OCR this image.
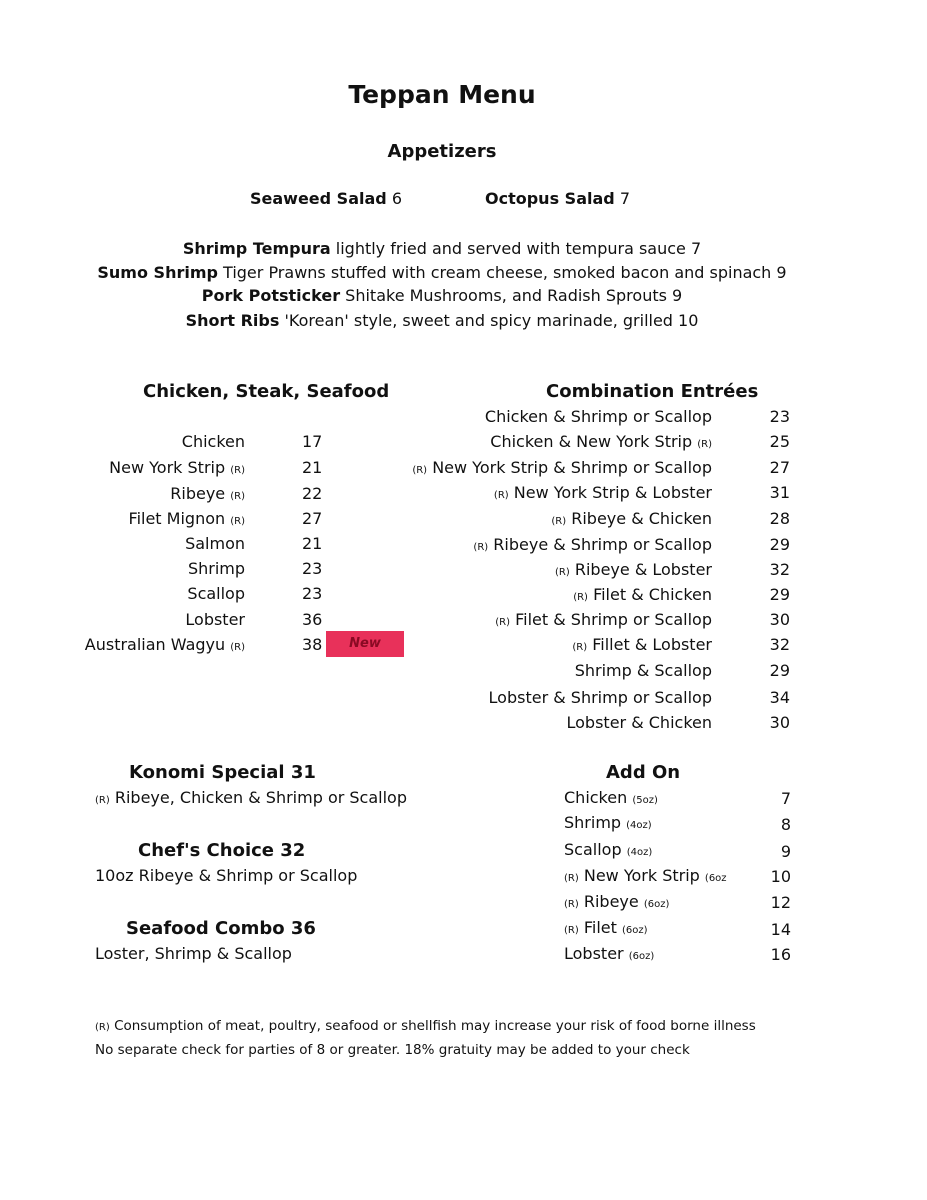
Teppan Menu
Appetizers
Seaweed Salad 6	Octopus Salad 7
Shrimp Tempura lightly fried and served with tempura sauce 7
Sumo Shrimp Tiger Prawns stuffed with cream cheese, smoked bacon and spinach 9
Pork Potsticker Shitake Mushrooms, and Radish Sprouts 9
Short Ribs 'Korean' style, sweet and spicy marinade, grilled 10
Chicken, Steak, Seafood
Chicken	17
New York Strip (R)	21
Ribeye (R)	22
Filet Mignon (R)	27
Salmon	21
Shrimp	23
Scallop	23
Lobster	36
Australian Wagyu (R)	38	New
Combination Entrées
Chicken & Shrimp or Scallop	23
Chicken & New York Strip (R)	25
(R) New York Strip & Shrimp or Scallop	27
(R) New York Strip & Lobster	31
(R) Ribeye & Chicken	28
(R) Ribeye & Shrimp or Scallop	29
(R) Ribeye & Lobster	32
(R) Filet & Chicken	29
(R) Filet & Shrimp or Scallop	30
(R) Fillet & Lobster	32
Shrimp & Scallop	29
Lobster & Shrimp or Scallop	34
Lobster & Chicken	30
Konomi Special 31
(R) Ribeye, Chicken & Shrimp or Scallop
Chef's Choice 32
10oz Ribeye & Shrimp or Scallop
Seafood Combo 36
Loster, Shrimp & Scallop
Add On
Chicken (5oz)	7
Shrimp (4oz)	8
Scallop (4oz)	9
(R) New York Strip (6oz	10
(R) Ribeye (6oz)	12
(R) Filet (6oz)	14
Lobster (6oz)	16
(R) Consumption of meat, poultry, seafood or shellfish may increase your risk of food borne illness
No separate check for parties of 8 or greater. 18% gratuity may be added to your check
